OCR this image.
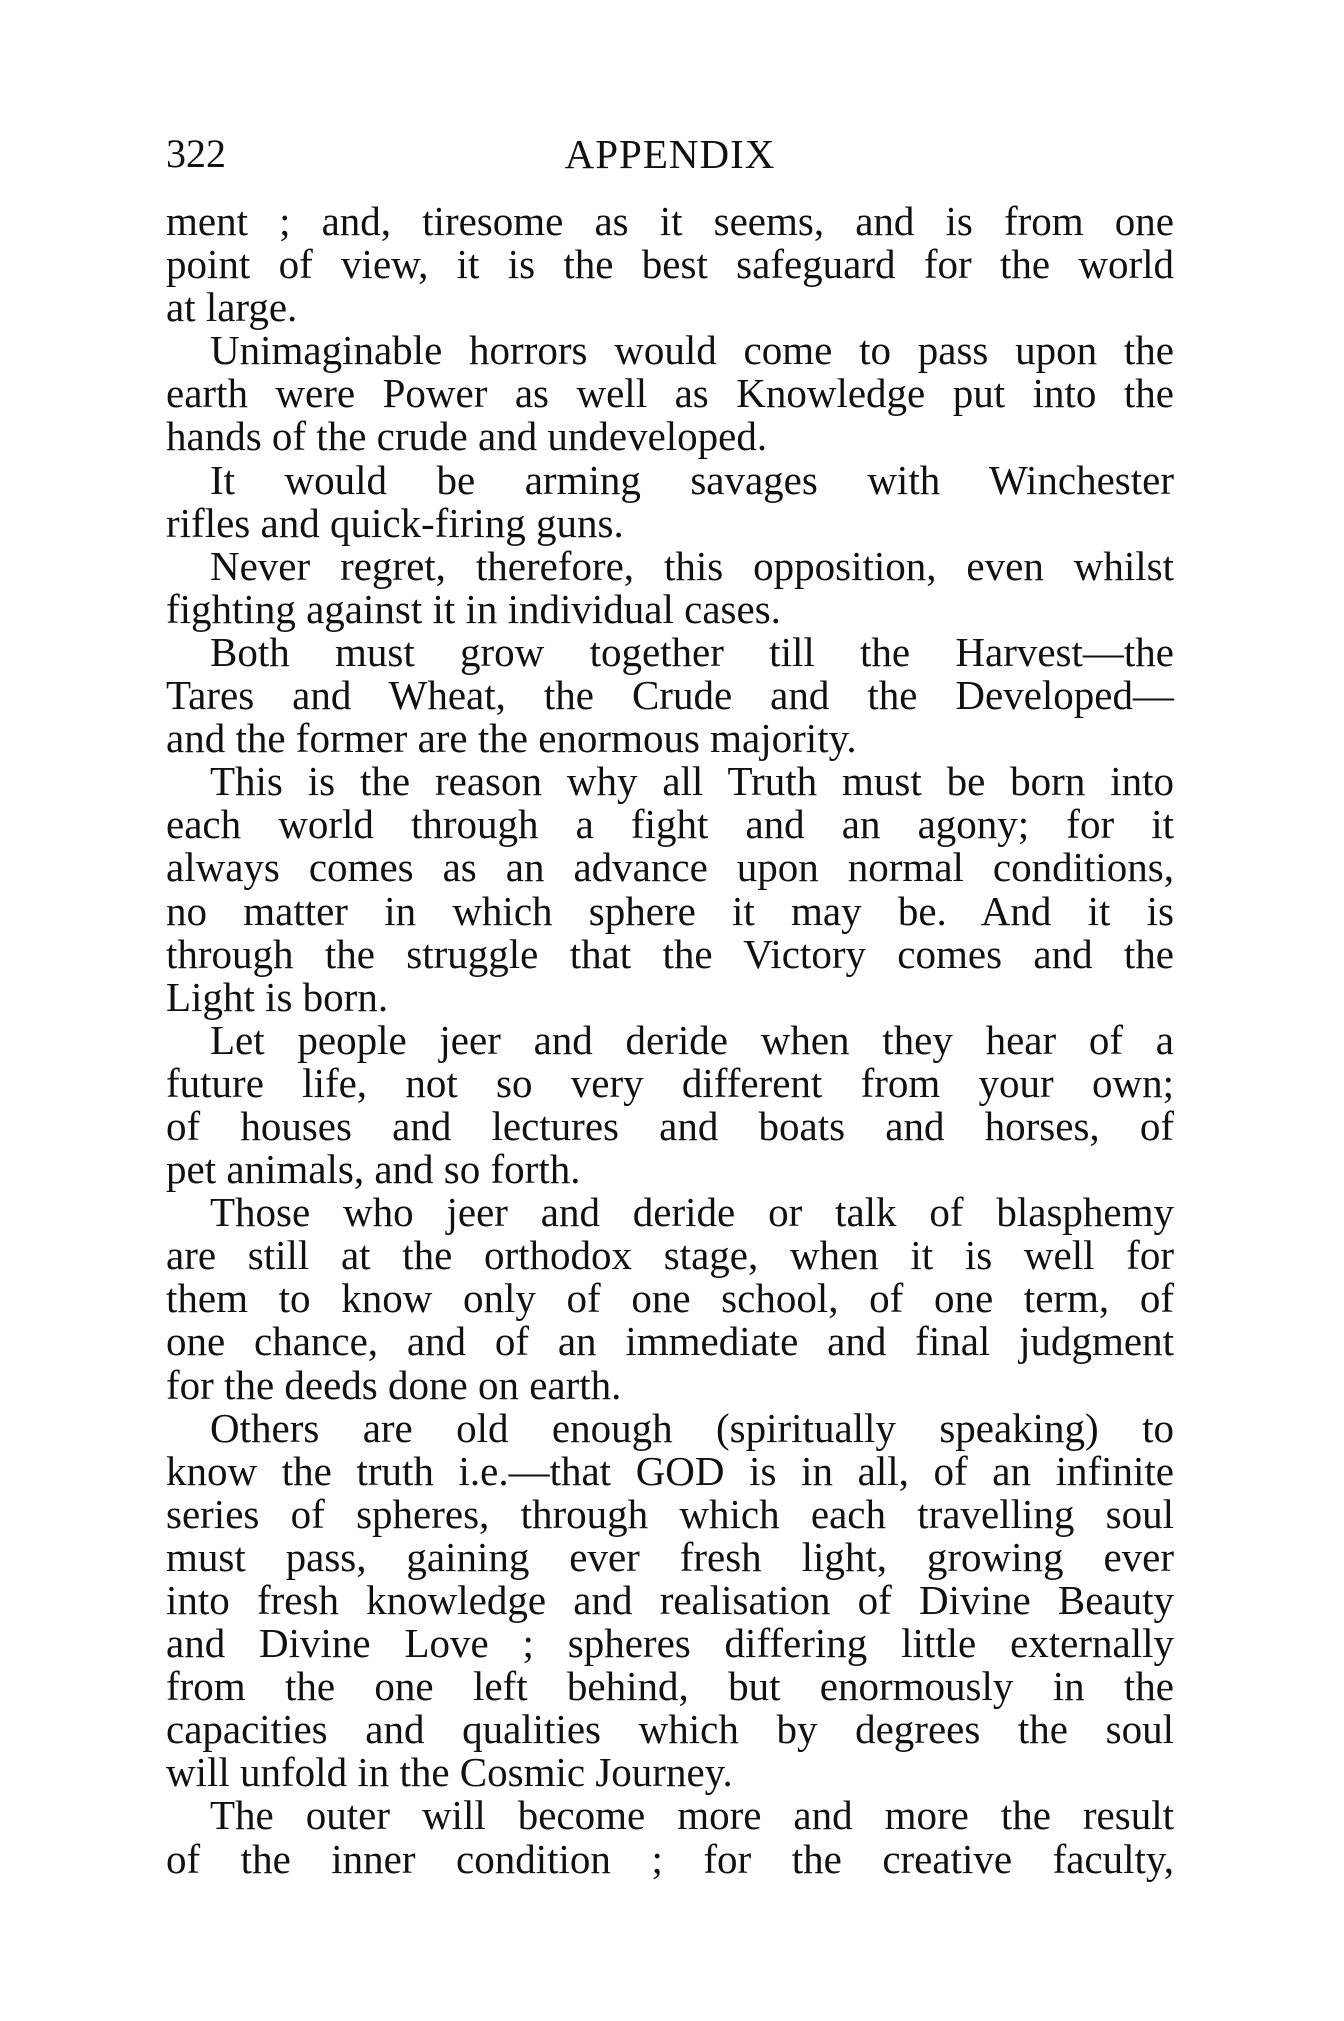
322	APPENDIX
ment ; and, tiresome as it seems, and is from one
point of view, it is the best safeguard for the world
at large.
Unimaginable horrors would come to pass upon the
earth were Power as well as Knowledge put into the
hands of the crude and undeveloped.
It would be arming savages with Winchester
rifles and quick-firing guns.
Never regret, therefore, this opposition, even whilst
fighting against it in individual cases.
Both must grow together till the Harvest—the
Tares and Wheat, the Crude and the Developed—
and the former are the enormous majority.
This is the reason why all Truth must be born into
each world through a fight and an agony; for it
always comes as an advance upon normal conditions,
no matter in which sphere it may be. And it is
through the struggle that the Victory comes and the
Light is born.
Let people jeer and deride when they hear of a
future life, not so very different from your own;
of houses and lectures and boats and horses, of
pet animals, and so forth.
Those who jeer and deride or talk of blasphemy
are still at the orthodox stage, when it is well for
them to know only of one school, of one term, of
one chance, and of an immediate and final judgment
for the deeds done on earth.
Others are old enough (spiritually speaking) to
know the truth i.e.—that GOD is in all, of an infinite
series of spheres, through which each travelling soul
must pass, gaining ever fresh light, growing ever
into fresh knowledge and realisation of Divine Beauty
and Divine Love ; spheres differing little externally
from the one left behind, but enormously in the
capacities and qualities which by degrees the soul
will unfold in the Cosmic Journey.
The outer will become more and more the result
of the inner condition ; for the creative faculty,
